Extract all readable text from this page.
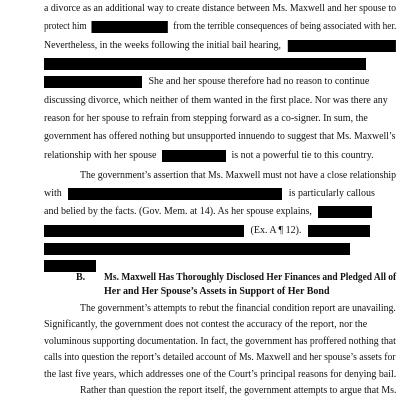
a divorce as an additional way to create distance between Ms. Maxwell and her spouse to
protect him	from the terrible consequences of being associated with her.
Nevertheless, in the weeks following the initial bail hearing,
She and her spouse therefore had no reason to continue
discussing divorce, which neither of them wanted in the first place. Nor was there any
reason for her spouse to refrain from stepping forward as a co-signer. In sum, the
government has offered nothing but unsupported innuendo to suggest that Ms. Maxwell’s
relationship with her spouse	is not a powerful tie to this country.
The government’s assertion that Ms. Maxwell must not have a close relationship
with	is particularly callous
and belied by the facts. (Gov. Mem. at 14). As her spouse explains,
(Ex. A ¶ 12).
B. Ms. Maxwell Has Thoroughly Disclosed Her Finances and Pledged All of
Her and Her Spouse’s Assets in Support of Her Bond
The government’s attempts to rebut the financial condition report are unavailing.
Significantly, the government does not contest the accuracy of the report, nor the
voluminous supporting documentation. In fact, the government has proffered nothing that
calls into question the report’s detailed account of Ms. Maxwell and her spouse’s assets for
the last five years, which addresses one of the Court’s principal reasons for denying bail.
Rather than question the report itself, the government attempts to argue that Ms.
